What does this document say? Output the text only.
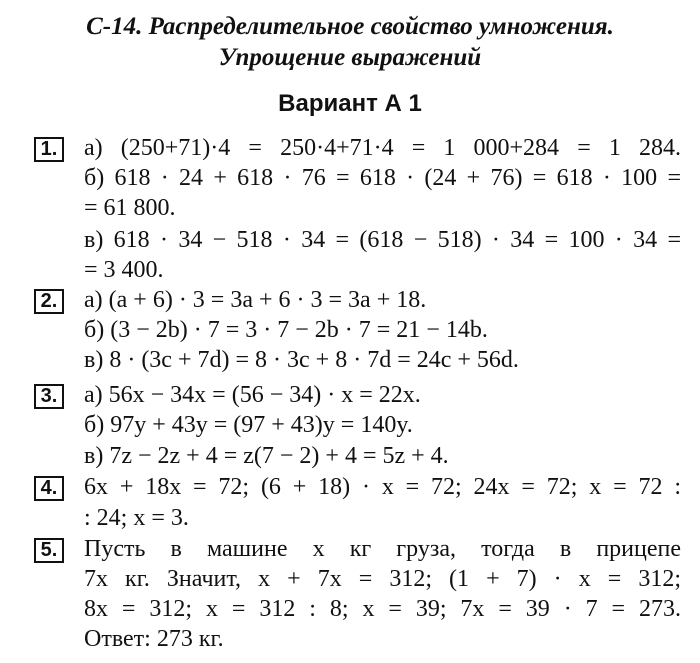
С-14. Распределительное свойство умножения.
Упрощение выражений
Вариант А 1
1. а) (250+71)·4 = 250·4+71·4 = 1 000+284 = 1 284.
б) 618 · 24 + 618 · 76 = 618 · (24 + 76) = 618 · 100 =
= 61 800.
в) 618 · 34 − 518 · 34 = (618 − 518) · 34 = 100 · 34 =
= 3 400.
2. а) (a + 6) · 3 = 3a + 6 · 3 = 3a + 18.
б) (3 − 2b) · 7 = 3 · 7 − 2b · 7 = 21 − 14b.
в) 8 · (3c + 7d) = 8 · 3c + 8 · 7d = 24c + 56d.
3. а) 56x − 34x = (56 − 34) · x = 22x.
б) 97y + 43y = (97 + 43)y = 140y.
в) 7z − 2z + 4 = z(7 − 2) + 4 = 5z + 4.
4. 6x + 18x = 72; (6 + 18) · x = 72; 24x = 72; x = 72 :
: 24; x = 3.
5. Пусть в машине x кг груза, тогда в прицепе
7x кг. Значит, x + 7x = 312; (1 + 7) · x = 312;
8x = 312; x = 312 : 8; x = 39; 7x = 39 · 7 = 273.
Ответ: 273 кг.
